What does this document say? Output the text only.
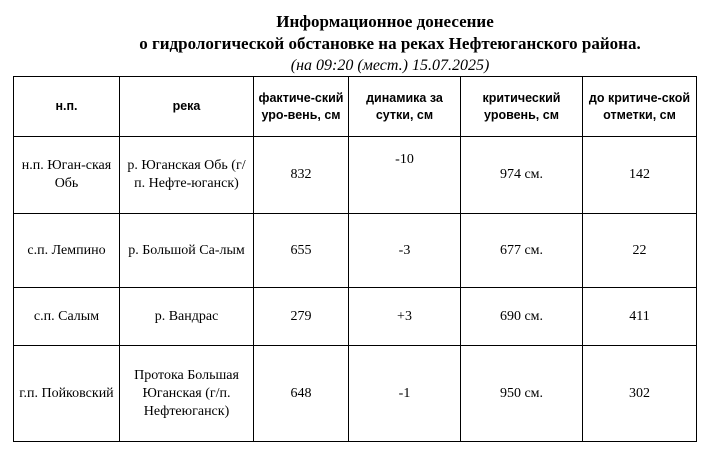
Информационное донесение
о гидрологической обстановке на реках Нефтеюганского района.
(на 09:20 (мест.) 15.07.2025)
н.п.	река	фактиче-ский уро-вень, см	динамика за сутки, см	критический уровень, см	до критиче-ской отметки, см
н.п. Юган-ская Обь	р. Юганская Обь (г/п. Нефте-юганск)	832	-10	974 см.	142
с.п. Лемпино	р. Большой Са-лым	655	-3	677 см.	22
с.п. Салым	р. Вандрас	279	+3	690 см.	411
г.п. Пойковский	Протока Большая Юганская (г/п. Нефтеюганск)	648	-1	950 см.	302
